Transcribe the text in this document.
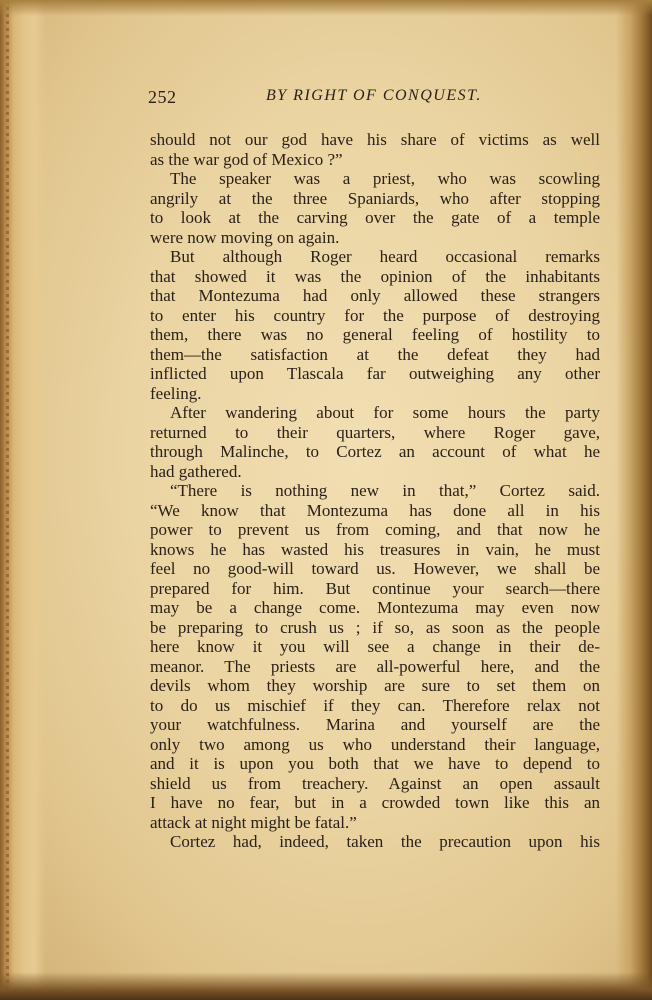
252	BY RIGHT OF CONQUEST.
should not our god have his share of victims as well
as the war god of Mexico ?”
The speaker was a priest, who was scowling
angrily at the three Spaniards, who after stopping
to look at the carving over the gate of a temple
were now moving on again.
But although Roger heard occasional remarks
that showed it was the opinion of the inhabitants
that Montezuma had only allowed these strangers
to enter his country for the purpose of destroying
them, there was no general feeling of hostility to
them—the satisfaction at the defeat they had
inflicted upon Tlascala far outweighing any other
feeling.
After wandering about for some hours the party
returned to their quarters, where Roger gave,
through Malinche, to Cortez an account of what he
had gathered.
“There is nothing new in that,” Cortez said.
“We know that Montezuma has done all in his
power to prevent us from coming, and that now he
knows he has wasted his treasures in vain, he must
feel no good-will toward us. However, we shall be
prepared for him. But continue your search—there
may be a change come. Montezuma may even now
be preparing to crush us ; if so, as soon as the people
here know it you will see a change in their de-
meanor. The priests are all-powerful here, and the
devils whom they worship are sure to set them on
to do us mischief if they can. Therefore relax not
your watchfulness. Marina and yourself are the
only two among us who understand their language,
and it is upon you both that we have to depend to
shield us from treachery. Against an open assault
I have no fear, but in a crowded town like this an
attack at night might be fatal.”
Cortez had, indeed, taken the precaution upon his
